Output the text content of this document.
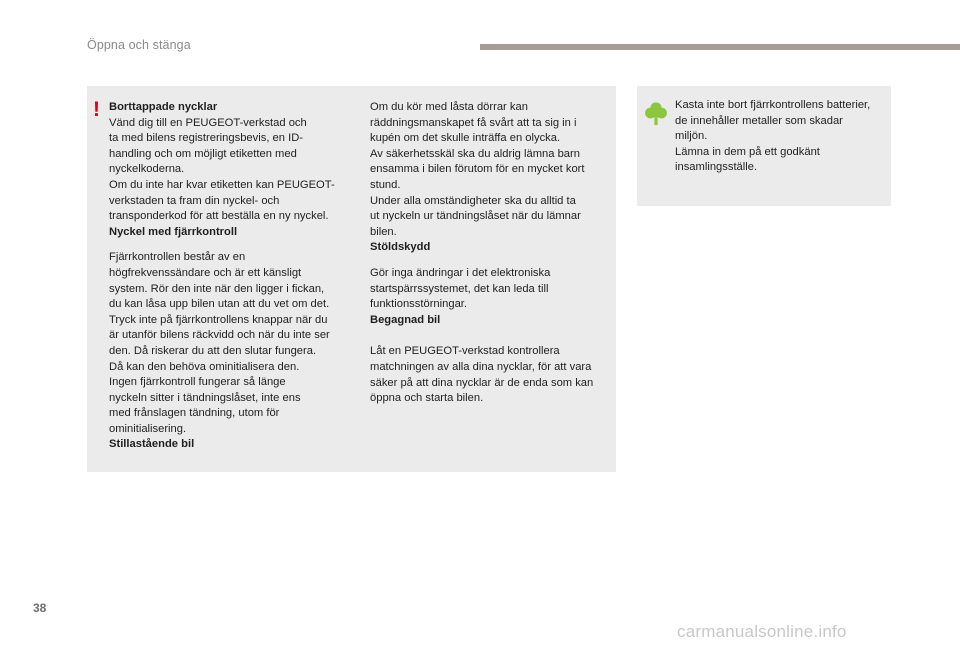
Öppna och stänga
! Borttappade nycklar

Vänd dig till en PEUGEOT-verkstad och
ta med bilens registreringsbevis, en ID-
handling och om möjligt etiketten med
nyckelkoderna.
Om du inte har kvar etiketten kan PEUGEOT-
verkstaden ta fram din nyckel- och
transponderkod för att beställa en ny nyckel.

Nyckel med fjärrkontroll

Fjärrkontrollen består av en
högfrekvenssändare och är ett känsligt
system. Rör den inte när den ligger i fickan,
du kan låsa upp bilen utan att du vet om det.
Tryck inte på fjärrkontrollens knappar när du
är utanför bilens räckvidd och när du inte ser
den. Då riskerar du att den slutar fungera.
Då kan den behöva ominitialisera den.
Ingen fjärrkontroll fungerar så länge
nyckeln sitter i tändningslåset, inte ens
med frånslagen tändning, utom för
ominitialisering.

Stillastående bil

Om du kör med låsta dörrar kan
räddningsmanskapet få svårt att ta sig in i
kupén om det skulle inträffa en olycka.
Av säkerhetsskäl ska du aldrig lämna barn
ensamma i bilen förutom för en mycket kort
stund.
Under alla omständigheter ska du alltid ta
ut nyckeln ur tändningslåset när du lämnar
bilen.

Stöldskydd

Gör inga ändringar i det elektroniska
startspärrssystemet, det kan leda till
funktionsstörningar.

Begagnad bil

Låt en PEUGEOT-verkstad kontrollera
matchningen av alla dina nycklar, för att vara
säker på att dina nycklar är de enda som kan
öppna och starta bilen.

Kasta inte bort fjärrkontrollens batterier,
de innehåller metaller som skadar
miljön.
Lämna in dem på ett godkänt
insamlingsställe.

38
carmanualsonline.info
